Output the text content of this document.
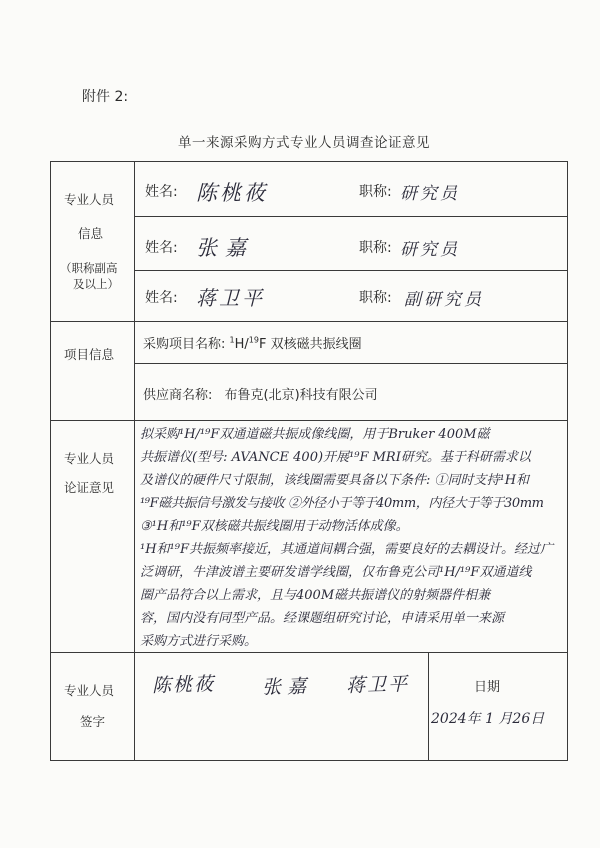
附件 2:
单一来源采购方式专业人员调查论证意见
专业人员
信息
（职称副高
及以上）
姓名: 陈桃莜	职称: 研究员
姓名: 张嘉	职称: 研究员
姓名: 蒋卫平	职称: 副研究员
项目信息
采购项目名称: $^1$H/$^{19}$F 双核磁共振线圈
供应商名称: 布鲁克(北京)科技有限公司
专业人员
论证意见
拟采购¹H/¹⁹F双通道磁共振成像线圈，用于Bruker 400M磁
共振谱仪(型号: AVANCE 400)开展¹⁹F MRI研究。基于科研需求以
及谱仪的硬件尺寸限制，该线圈需要具备以下条件: ①同时支持¹H和
¹⁹F磁共振信号激发与接收 ②外径小于等于40mm，内径大于等于30mm
③¹H和¹⁹F双核磁共振线圈用于动物活体成像。
¹H和¹⁹F共振频率接近，其通道间耦合强，需要良好的去耦设计。经过广
泛调研，牛津波谱主要研发谱学线圈，仅布鲁克公司¹H/¹⁹F双通道线
圈产品符合以上需求，且与400M磁共振谱仪的射频器件相兼
容，国内没有同型产品。经课题组研究讨论，申请采用单一来源
采购方式进行采购。
专业人员
签字
陈桃莜 张嘉 蒋卫平	日期
2024年 1 月26日
